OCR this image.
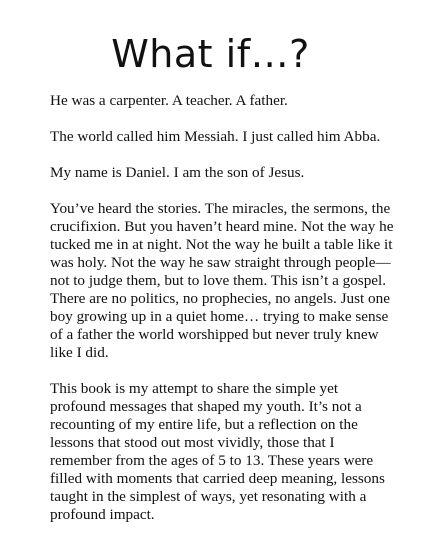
What if…?

He was a carpenter. A teacher. A father.

The world called him Messiah. I just called him Abba.

My name is Daniel. I am the son of Jesus.

You’ve heard the stories. The miracles, the sermons, the crucifixion. But you haven’t heard mine. Not the way he tucked me in at night. Not the way he built a table like it was holy. Not the way he saw straight through people—not to judge them, but to love them. This isn’t a gospel. There are no politics, no prophecies, no angels. Just one boy growing up in a quiet home… trying to make sense of a father the world worshipped but never truly knew like I did.

This book is my attempt to share the simple yet profound messages that shaped my youth. It’s not a recounting of my entire life, but a reflection on the lessons that stood out most vividly, those that I remember from the ages of 5 to 13. These years were filled with moments that carried deep meaning, lessons taught in the simplest of ways, yet resonating with a profound impact.
